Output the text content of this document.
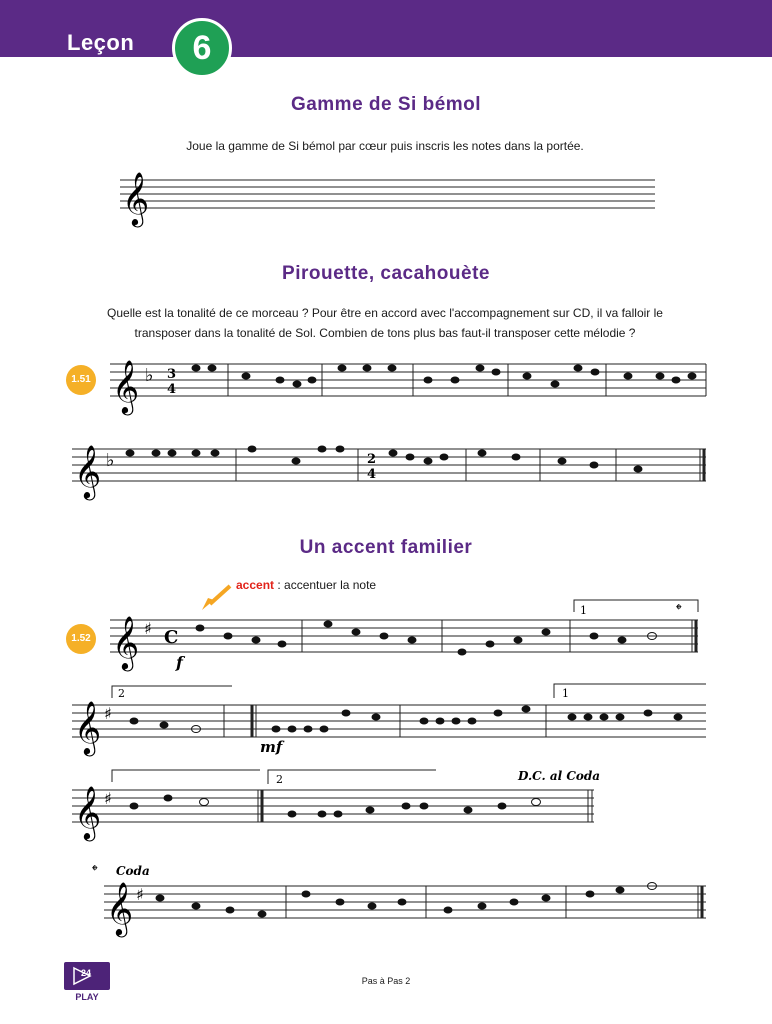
Leçon	6
Gamme de Si bémol
Joue la gamme de Si bémol par cœur puis inscris les notes dans la portée.
Pirouette, cacahouète
Quelle est la tonalité de ce morceau ? Pour être en accord avec l'accompagnement sur CD, il va falloir le
transposer dans la tonalité de Sol. Combien de tons plus bas faut-il transposer cette mélodie ?
1.51
Un accent familier
accent : accentuer la note
1.52
𝄞
𝄞 ♭ 3
4
𝄞 ♭	2
4
𝄞 ♯ C
1	𝄌
f
𝄞 ♯
2	1
mf
𝄞 ♯
2	D.C. al Coda
𝄌 Coda
𝄞 ♯
24
PLAY
Pas à Pas 2
